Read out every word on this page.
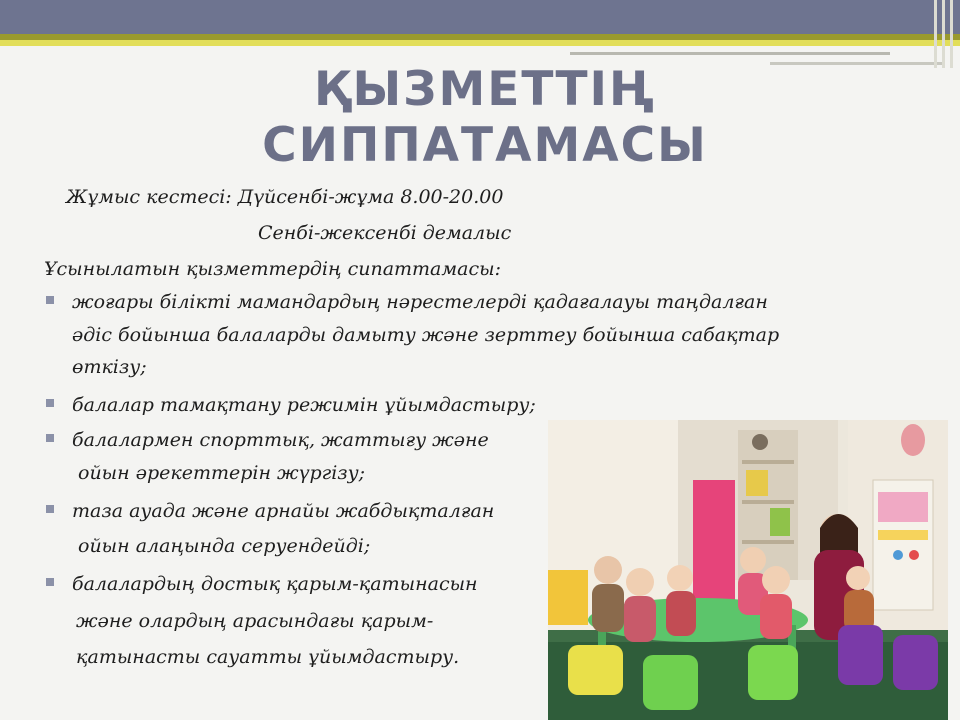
ҚЫЗМЕТТІҢ
СИППАТАМАСЫ
Жұмыс кестесі: Дүйсенбі-жұма 8.00-20.00
Сенбі-жексенбі демалыс
Ұсынылатын қызметтердің сипаттамасы:
жоғары білікті мамандардың нәрестелерді қадағалауы таңдалған
әдіс бойынша балаларды дамыту және зерттеу бойынша сабақтар
өткізу;
балалар тамақтану режимін ұйымдастыру;
балалармен спорттық, жаттығу және
ойын әрекеттерін жүргізу;
таза ауада және арнайы жабдықталған
ойын алаңында серуендейді;
балалардың достық қарым-қатынасын
және олардың арасындағы қарым-
қатынасты сауатты ұйымдастыру.
